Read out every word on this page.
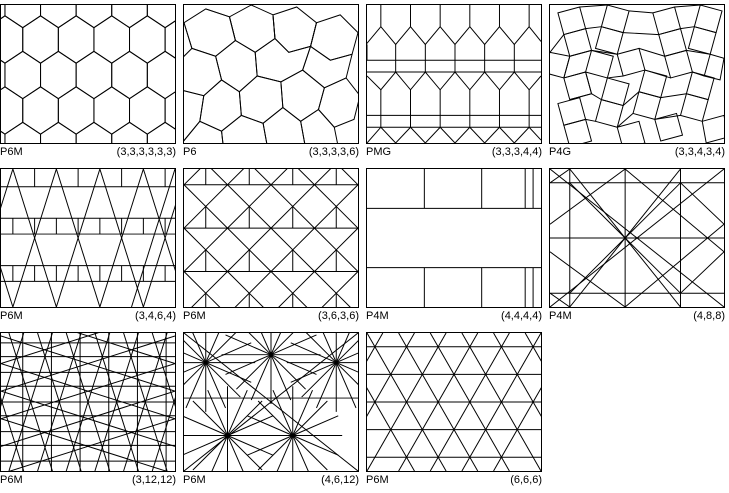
P6M	(3,3,3,3,3,3) P6	(3,3,3,3,6) PMG	(3,3,3,4,4) P4G	(3,3,4,3,4)
P6M	(3,4,6,4) P6M	(3,6,3,6) P4M	(4,4,4,4) P4M	(4,8,8)
P6M	(3,12,12) P6M	(4,6,12) P6M	(6,6,6)
